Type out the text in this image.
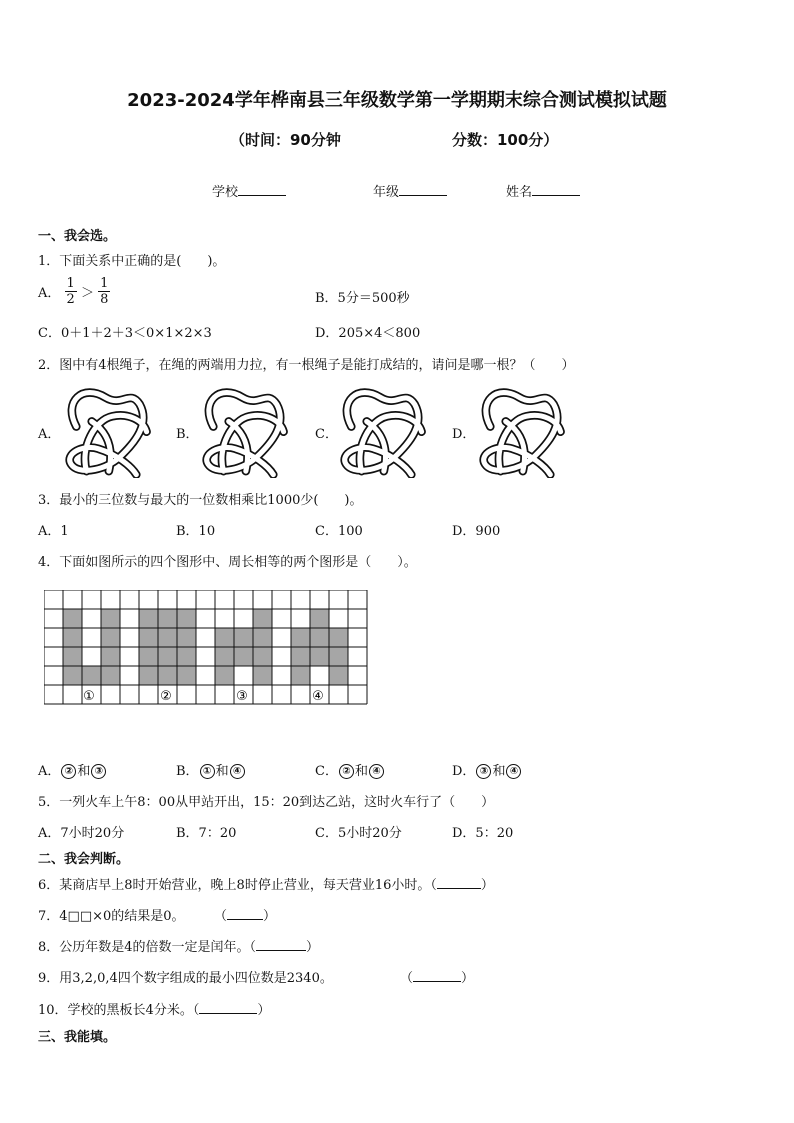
2023-2024学年桦南县三年级数学第一学期期末综合测试模拟试题
（时间：90分钟	分数：100分）
学校	年级	姓名
一、我会选。
1．下面关系中正确的是(　　)。
A． $\frac{1}{2} > \frac{1}{8}$	B．5分＝500秒
C．0＋1＋2＋3＜0×1×2×3	D．205×4＜800
2．图中有4根绳子，在绳的两端用力拉，有一根绳子是能打成结的，请问是哪一根？（　　）
A．	B．	C．	D．
3．最小的三位数与最大的一位数相乘比1000少(　　)。
A．1	B．10	C．100	D．900
4．下面如图所示的四个图形中、周长相等的两个图形是（　　）。
①	②	③	④
A． ② 和 ③	B． ① 和 ④	C． ② 和 ④	D． ③ 和 ④
5．一列火车上午8：00从甲站开出，15：20到达乙站，这时火车行了（　　）
A．7小时20分	B．7：20	C．5小时20分	D．5：20
二、我会判断。
6．某商店早上8时开始营业，晚上8时停止营业，每天营业16小时。（	）
7．4□□×0的结果是0。 （	）
8．公历年数是4的倍数一定是闰年。（	）
9．用3,2,0,4四个数字组成的最小四位数是2340。	（	）
10．学校的黑板长4分米。（	）
三、我能填。
